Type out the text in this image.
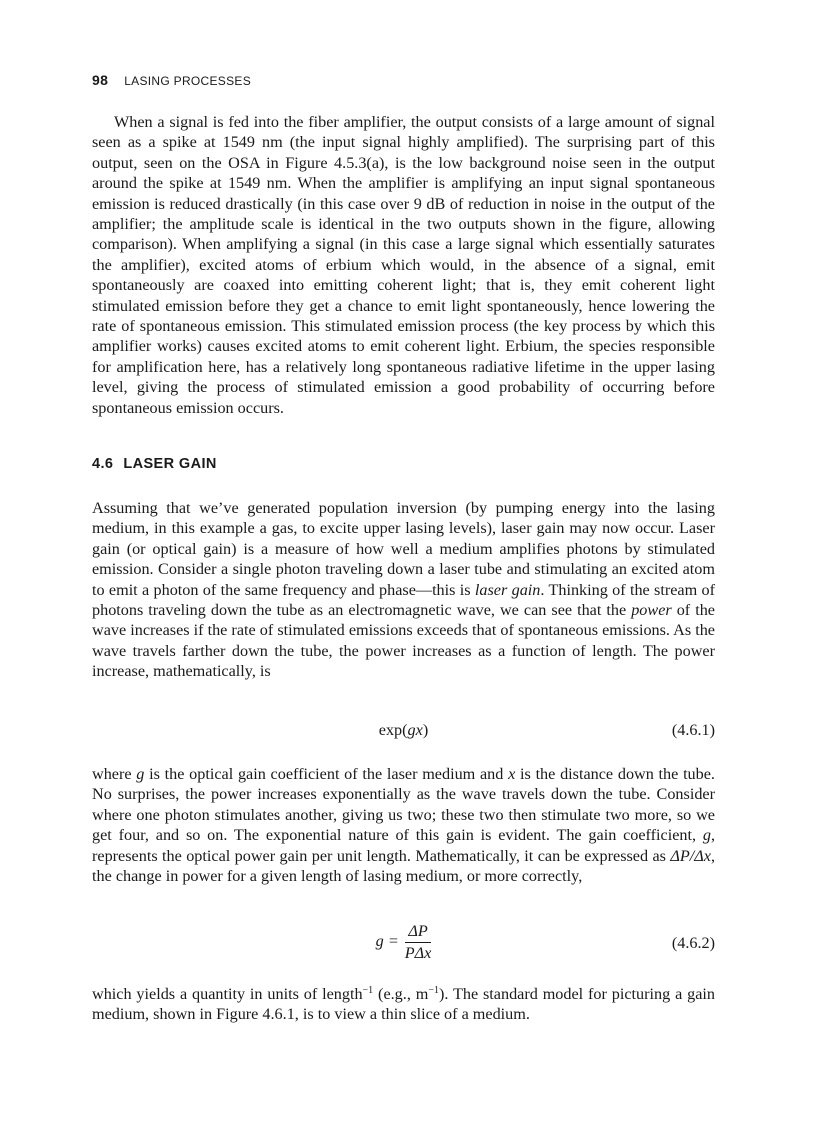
98 LASING PROCESSES

When a signal is fed into the fiber amplifier, the output consists of a large amount of signal seen as a spike at 1549 nm (the input signal highly amplified). The surprising part of this output, seen on the OSA in Figure 4.5.3(a), is the low background noise seen in the output around the spike at 1549 nm. When the amplifier is amplifying an input signal spontaneous emission is reduced drastically (in this case over 9 dB of reduction in noise in the output of the amplifier; the amplitude scale is identical in the two outputs shown in the figure, allowing comparison). When amplifying a signal (in this case a large signal which essentially saturates the amplifier), excited atoms of erbium which would, in the absence of a signal, emit spontaneously are coaxed into emitting coherent light; that is, they emit coherent light stimulated emission before they get a chance to emit light spontaneously, hence lowering the rate of spontaneous emission. This stimulated emission process (the key process by which this amplifier works) causes excited atoms to emit coherent light. Erbium, the species responsible for amplification here, has a relatively long spontaneous radiative lifetime in the upper lasing level, giving the process of stimulated emission a good probability of occurring before spontaneous emission occurs.

4.6 LASER GAIN

Assuming that we’ve generated population inversion (by pumping energy into the lasing medium, in this example a gas, to excite upper lasing levels), laser gain may now occur. Laser gain (or optical gain) is a measure of how well a medium amplifies photons by stimulated emission. Consider a single photon traveling down a laser tube and stimulating an excited atom to emit a photon of the same frequency and phase—this is laser gain. Thinking of the stream of photons traveling down the tube as an electromagnetic wave, we can see that the power of the wave increases if the rate of stimulated emissions exceeds that of spontaneous emissions. As the wave travels farther down the tube, the power increases as a function of length. The power increase, mathematically, is

exp(gx)	(4.6.1)

where g is the optical gain coefficient of the laser medium and x is the distance down the tube. No surprises, the power increases exponentially as the wave travels down the tube. Consider where one photon stimulates another, giving us two; these two then stimulate two more, so we get four, and so on. The exponential nature of this gain is evident. The gain coefficient, g, represents the optical power gain per unit length. Mathematically, it can be expressed as ΔP/Δx, the change in power for a given length of lasing medium, or more correctly,

$g = \frac{\Delta P}{\text{PΔx}}$	(4.6.2)

which yields a quantity in units of length$^{-1}$ (e.g., $m^{-1}$). The standard model for picturing a gain medium, shown in Figure 4.6.1, is to view a thin slice of a medium.
